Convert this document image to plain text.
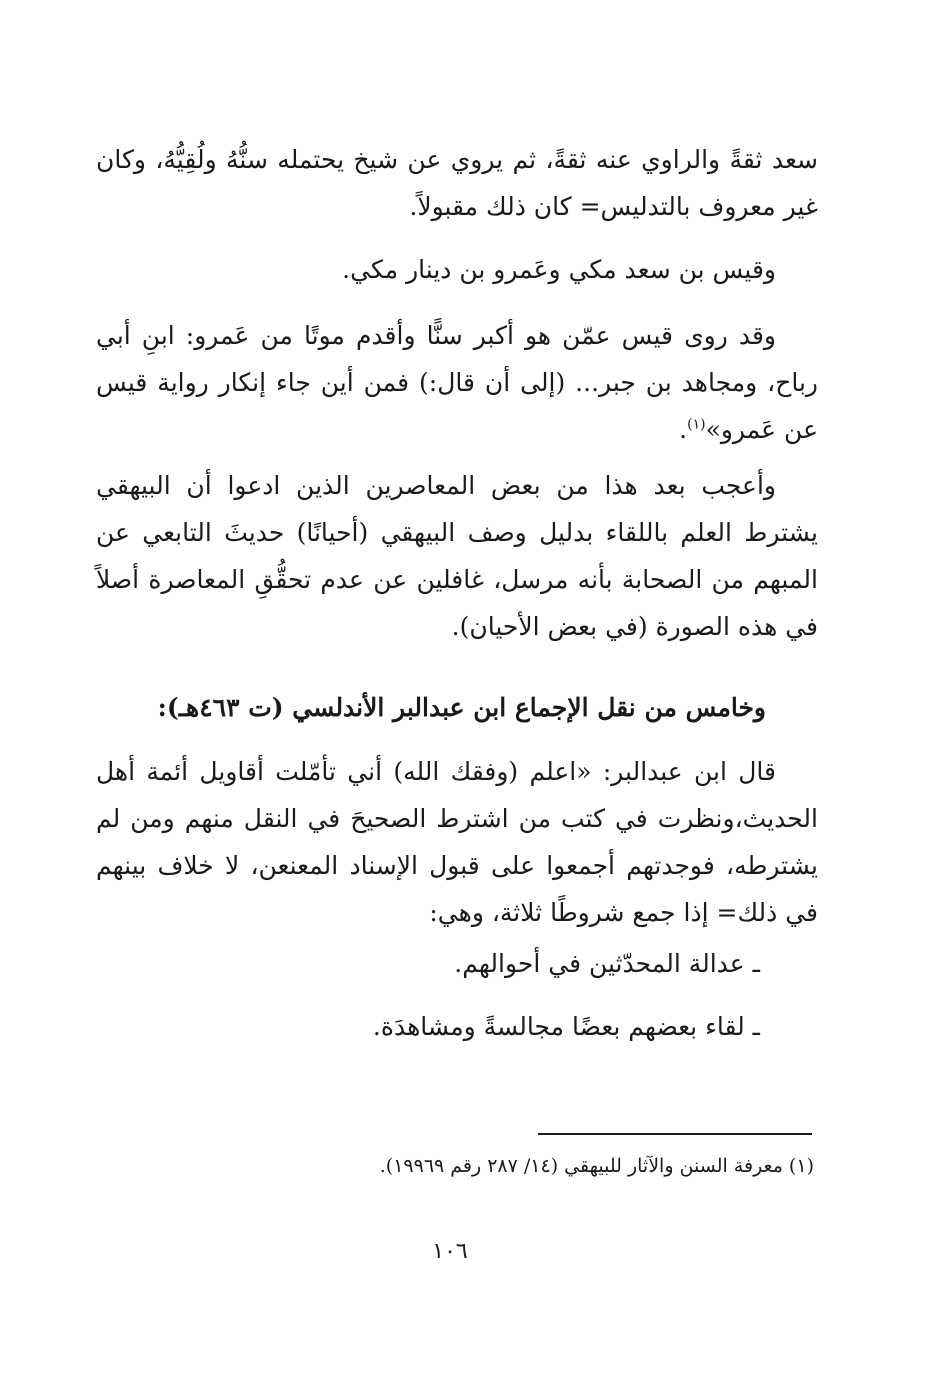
سعد ثقةً والراوي عنه ثقةً، ثم يروي عن شيخ يحتمله سنُّهُ ولُقِيُّهُ، وكان غير معروف بالتدليس= كان ذلك مقبولاً.

وقيس بن سعد مكي وعَمرو بن دينار مكي.

وقد روى قيس عمّن هو أكبر سنًّا وأقدم موتًا من عَمرو: ابنِ أبي رباح، ومجاهد بن جبر... (إلى أن قال:) فمن أين جاء إنكار رواية قيس عن عَمرو»$^{(١)}$.

وأعجب بعد هذا من بعض المعاصرين الذين ادعوا أن البيهقي يشترط العلم باللقاء بدليل وصف البيهقي (أحيانًا) حديثَ التابعي عن المبهم من الصحابة بأنه مرسل، غافلين عن عدم تحقُّقِ المعاصرة أصلاً في هذه الصورة (في بعض الأحيان).

وخامس من نقل الإجماع ابن عبدالبر الأندلسي (ت ٤٦٣هـ):

قال ابن عبدالبر: «اعلم (وفقك الله) أني تأمّلت أقاويل أئمة أهل الحديث،ونظرت في كتب من اشترط الصحيحَ في النقل منهم ومن لم يشترطه، فوجدتهم أجمعوا على قبول الإسناد المعنعن، لا خلاف بينهم في ذلك= إذا جمع شروطًا ثلاثة، وهي:

ـ عدالة المحدّثين في أحوالهم.
ـ لقاء بعضهم بعضًا مجالسةً ومشاهدَة.
(١) معرفة السنن والآثار للبيهقي (١٤/ ٢٨٧ رقم ١٩٩٦٩).
١٠٦
